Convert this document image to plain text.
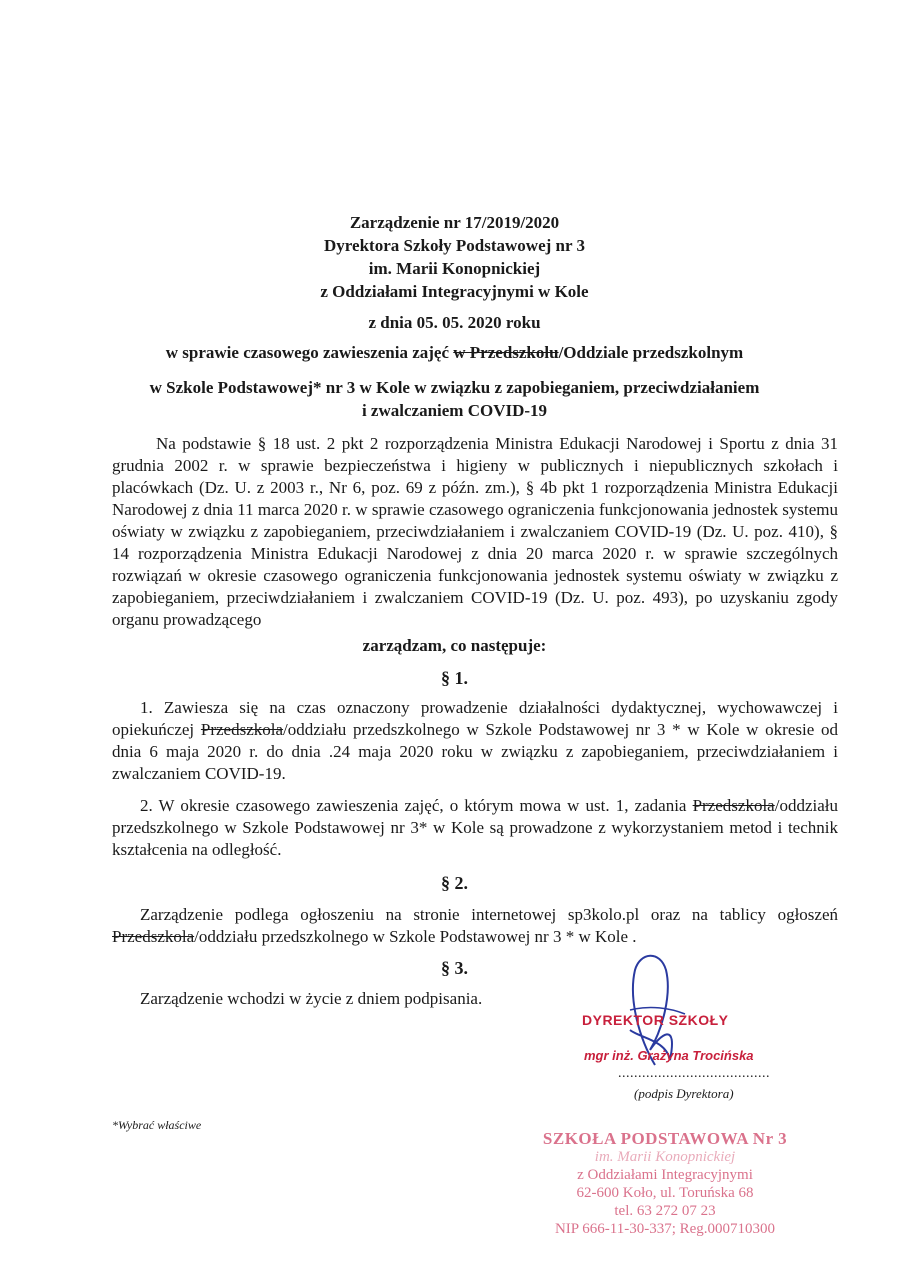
Zarządzenie nr 17/2019/2020
Dyrektora Szkoły Podstawowej nr 3
im. Marii Konopnickiej
z Oddziałami Integracyjnymi w Kole
z dnia 05. 05. 2020 roku
w sprawie czasowego zawieszenia zajęć w Przedszkolu/Oddziale przedszkolnym
w Szkole Podstawowej* nr 3 w Kole w związku z zapobieganiem, przeciwdziałaniem
i zwalczaniem COVID-19
Na podstawie § 18 ust. 2 pkt 2 rozporządzenia Ministra Edukacji Narodowej i Sportu z dnia 31 grudnia 2002 r. w sprawie bezpieczeństwa i higieny w publicznych i niepublicznych szkołach i placówkach (Dz. U. z 2003 r., Nr 6, poz. 69 z późn. zm.), § 4b pkt 1 rozporządzenia Ministra Edukacji Narodowej z dnia 11 marca 2020 r. w sprawie czasowego ograniczenia funkcjonowania jednostek systemu oświaty w związku z zapobieganiem, przeciwdziałaniem i zwalczaniem COVID-19 (Dz. U. poz. 410), § 14 rozporządzenia Ministra Edukacji Narodowej z dnia 20 marca 2020 r. w sprawie szczególnych rozwiązań w okresie czasowego ograniczenia funkcjonowania jednostek systemu oświaty w związku z zapobieganiem, przeciwdziałaniem i zwalczaniem COVID-19 (Dz. U. poz. 493), po uzyskaniu zgody organu prowadzącego
zarządzam, co następuje:
§ 1.
1. Zawiesza się na czas oznaczony prowadzenie działalności dydaktycznej, wychowawczej i opiekuńczej Przedszkola/oddziału przedszkolnego w Szkole Podstawowej nr 3 * w Kole w okresie od dnia 6 maja 2020 r. do dnia .24 maja 2020 roku w związku z zapobieganiem, przeciwdziałaniem i zwalczaniem COVID-19.
2. W okresie czasowego zawieszenia zajęć, o którym mowa w ust. 1, zadania Przedszkola/oddziału przedszkolnego w Szkole Podstawowej nr 3* w Kole są prowadzone z wykorzystaniem metod i technik kształcenia na odległość.
§ 2.
Zarządzenie podlega ogłoszeniu na stronie internetowej sp3kolo.pl oraz na tablicy ogłoszeń Przedszkola/oddziału przedszkolnego w Szkole Podstawowej nr 3 * w Kole .
§ 3.
Zarządzenie wchodzi w życie z dniem podpisania.
DYREKTOR SZKOŁY
mgr inż. Grażyna Trocińska
......................................
(podpis Dyrektora)
*Wybrać właściwe
SZKOŁA PODSTAWOWA Nr 3
im. Marii Konopnickiej
z Oddziałami Integracyjnymi
62-600 Koło, ul. Toruńska 68
tel. 63 272 07 23
NIP 666-11-30-337; Reg.000710300
